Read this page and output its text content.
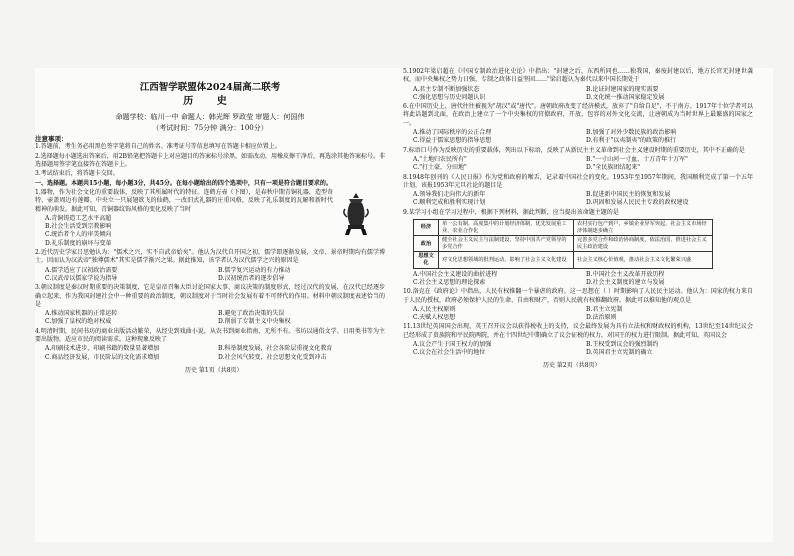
江西智学联盟体2024届高二联考
历 史
命题学校：临川一中 命题人：韩光辉 罗政莹 审题人：何国伟
（考试时间：75分钟 满分：100分）
注意事项：
1.答题前，考生务必用黑色签字笔将自己的姓名、准考证号等信息填写在答题卡相应位置上。
2.选择题每小题选出答案后，用2B铅笔把答题卡上对应题目的答案标号涂黑，如需改动，用橡皮擦干净后，再选涂其他答案标号。非选择题用签字笔直接答在答题卡上。
3.考试结束后，将答题卡交回。
一、选择题。本题共15小题，每小题3分，共45分。在每小题给出的四个选项中，只有一项是符合题目要求的。
1.器物，作为社会文化的重要载体，反映了其所属时代的特征。连鹤方壶（下图），是春秋中期青铜礼器，造型奇特，壶盖周边有莲瓣、中央立一只展翅欲飞的仙鹤，一改旧式礼器的庄重风格，反映了礼乐制度的瓦解和新时代精神的萌发。据此可知，青铜器纹饰风格的变化反映了当时
A.青铜铸造工艺水平高超
B.社会生活受到宗教影响
C.统治者个人的审美倾向
D.礼乐制度的崩坏与变革
2.近代历史学家吕思勉认为："儒术之兴，实不自武帝始矣"。他认为汉代自开国之初，儒学即逐渐发展，文帝、景帝时期均有儒学博士，因而认为汉武帝"独尊儒术"其实是儒学渐兴之果。据此推知，该学者认为汉代儒学之兴的原因是
A.儒学适应了汉初政治需要	B.儒学复兴运动的有力推动
C.汉武帝以儒家学说为指导	D.汉初统治者的逐步倡导
3.朝议制度是秦汉时期重要的决策制度，它是皇帝召集大臣讨论国家大事、商议决策的制度形式，经过汉代的发展，在汉代已经逐步确立起来，作为我国封建社会中一种重要的政治制度，朝议制度对于当时社会发展有着不可替代的作用。材料中朝议制度表述恰当的是
A.推动国家机器的正常运转	B.避免了政治决策的失误
C.加强了皇权的绝对权威	D.削弱了专制主义中央集权
4.明清时期，民间书坊的商业出版活动繁荣，从经史到戏曲小说，从农书到商业指南，无所不有。书坊以通俗文学、日用类书等为主要出版物，适应市民的阅读需求。这种现象反映了
A.印刷技术进步，印刷书籍的数量显著增加	B.科举制度发展，社会各阶层重视文化教育
C.商品经济发展，市民阶层的文化需求增加	D.社会风气转变，社会思想文化受到冲击
历史 第1页（共8页）
5.1902年梁启超在《中国专制政治进化史论》中指出："封建之后，东西所同也……独我国，秦废封建以后，地方长官无封建世袭权，而中央集权之势力日强，专制之政体日益坚固……"梁启超认为秦代以来中国长期处于
A.君主专制不断加强状态	B.论证封建国家的现实需要
C.强化思想与历史问题认识	D.文化统一推动国家稳定发展
6.在中国历史上，唐代往往被视为"胡汉"或"唐代"。唐朝政府改变了经济模式，放弃了"自给自足"，不于南方。1917年十位学者可以将此话题到北面，在政治上建立了一个中央集权的官僚政府，开放、包容的对外文化交流，让唐朝成为当时世界上最繁盛的国家之一。
A.推动了国际秩序的公正合理	B.加强了对外少数民族的政治影响
C.得益于儒家思想的指导思想	D.有利于"以夷制夷"的政策的推行
7.标语口号作为反映历史的重要载体，列出以下标语，反映了从新民主主义革命到社会主义建设时期的重要历史，其中不正确的是
A."土地归农民所有"	B."一寸山河一寸血，十万青年十万军"
C."打土豪，分田地"	D."全民族团结起来"
8.1948年创刊的《人民日报》作为党和政府的喉舌，记录着中国社会的变化。1953年至1957年期间，我国顺利完成了第一个五年计划，该报1953年元旦社论的题目是
A.领导我们走向伟大的新年	B.促进新中国民主的恢复和发展
C.顺利完成和胜利实现计划	D.巩固和发展人民民主专政的政权建设
9.某学习小组在学习过程中，根据下列材料，据此判断，应当提出该命题主题的是
经济	单一公有制，高度集中的计划经济体制，优先发展重工业，农业合作化	农村实行包产到户，乡镇企业异军突起，社会主义市场经济体制逐步确立
政治	健全社会主义民主与法制建设，坚持中国共产党领导的多党合作	完善多党合作和政治协商制度，依法治国，推进社会主义民主政治建设
思想文化	对文化思想领域的批判运动，影响了社会主义文化建设	社会主义核心价值观，推动社会主义文化繁荣兴盛
A.中国社会主义建设的曲折进程	B.中国社会主义改革开放历程
C.社会主义思想的理论探索	D.社会主义制度的建立与发展
10.洛克在《政府论》中指出，人民有权推翻一个暴虐的政府。这一思想在（ ）时期影响了人民民主运动。他认为：国家的权力来自于人民的授权，政府必须保护人民的生命、自由和财产，否则人民就有权推翻政府。据此可以推知他的观点是
A.人民主权原则	B.君主立宪制
C.天赋人权思想	D.法治原则
11.13世纪英国国会出现，英王召开议会以获得税收上的支持，议会最终发展为具有立法权和财政权的机构，13世纪至14世纪议会已经形成了贵族院和平民院两院，并在十四世纪中期确立了议会征税的权力，对国王的权力进行限制。据此可知，英国议会
A.议会产生于国王权力的加强	B.王权受到议会的强烈制约
C.议会在社会生活中的地位	D.英国君主立宪制的确立
历史 第2页（共8页）
